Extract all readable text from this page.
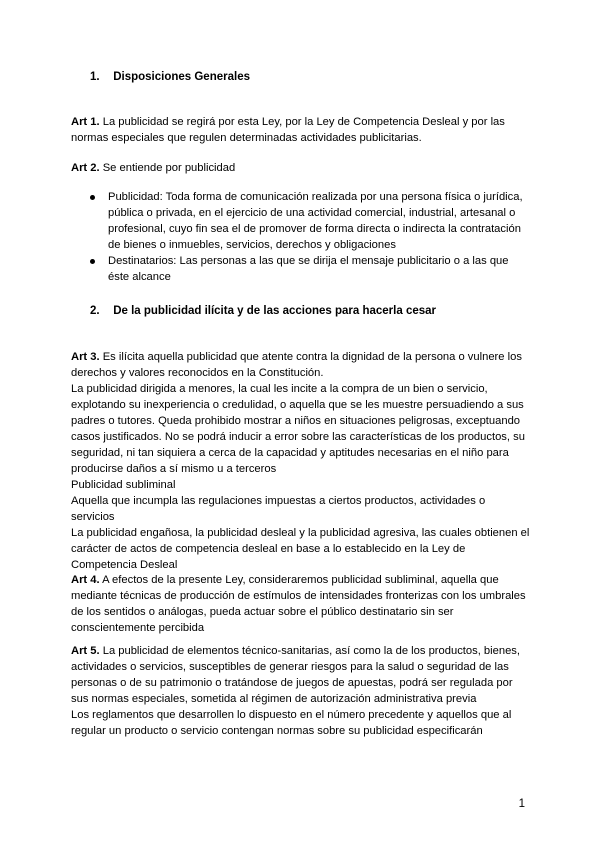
1. Disposiciones Generales
Art 1. La publicidad se regirá por esta Ley, por la Ley de Competencia Desleal y por las
normas especiales que regulen determinadas actividades publicitarias.
Art 2. Se entiende por publicidad
Publicidad: Toda forma de comunicación realizada por una persona física o jurídica,
pública o privada, en el ejercicio de una actividad comercial, industrial, artesanal o
profesional, cuyo fin sea el de promover de forma directa o indirecta la contratación
de bienes o inmuebles, servicios, derechos y obligaciones
Destinatarios: Las personas a las que se dirija el mensaje publicitario o a las que
éste alcance
2. De la publicidad ilícita y de las acciones para hacerla cesar
Art 3. Es ilícita aquella publicidad que atente contra la dignidad de la persona o vulnere los
derechos y valores reconocidos en la Constitución.
La publicidad dirigida a menores, la cual les incite a la compra de un bien o servicio,
explotando su inexperiencia o credulidad, o aquella que se les muestre persuadiendo a sus
padres o tutores. Queda prohibido mostrar a niños en situaciones peligrosas, exceptuando
casos justificados. No se podrá inducir a error sobre las características de los productos, su
seguridad, ni tan siquiera a cerca de la capacidad y aptitudes necesarias en el niño para
producirse daños a sí mismo u a terceros
Publicidad subliminal
Aquella que incumpla las regulaciones impuestas a ciertos productos, actividades o
servicios
La publicidad engañosa, la publicidad desleal y la publicidad agresiva, las cuales obtienen el
carácter de actos de competencia desleal en base a lo establecido en la Ley de
Competencia Desleal
Art 4. A efectos de la presente Ley, consideraremos publicidad subliminal, aquella que
mediante técnicas de producción de estímulos de intensidades fronterizas con los umbrales
de los sentidos o análogas, pueda actuar sobre el público destinatario sin ser
conscientemente percibida
Art 5. La publicidad de elementos técnico-sanitarias, así como la de los productos, bienes,
actividades o servicios, susceptibles de generar riesgos para la salud o seguridad de las
personas o de su patrimonio o tratándose de juegos de apuestas, podrá ser regulada por
sus normas especiales, sometida al régimen de autorización administrativa previa
Los reglamentos que desarrollen lo dispuesto en el número precedente y aquellos que al
regular un producto o servicio contengan normas sobre su publicidad especificarán
1
